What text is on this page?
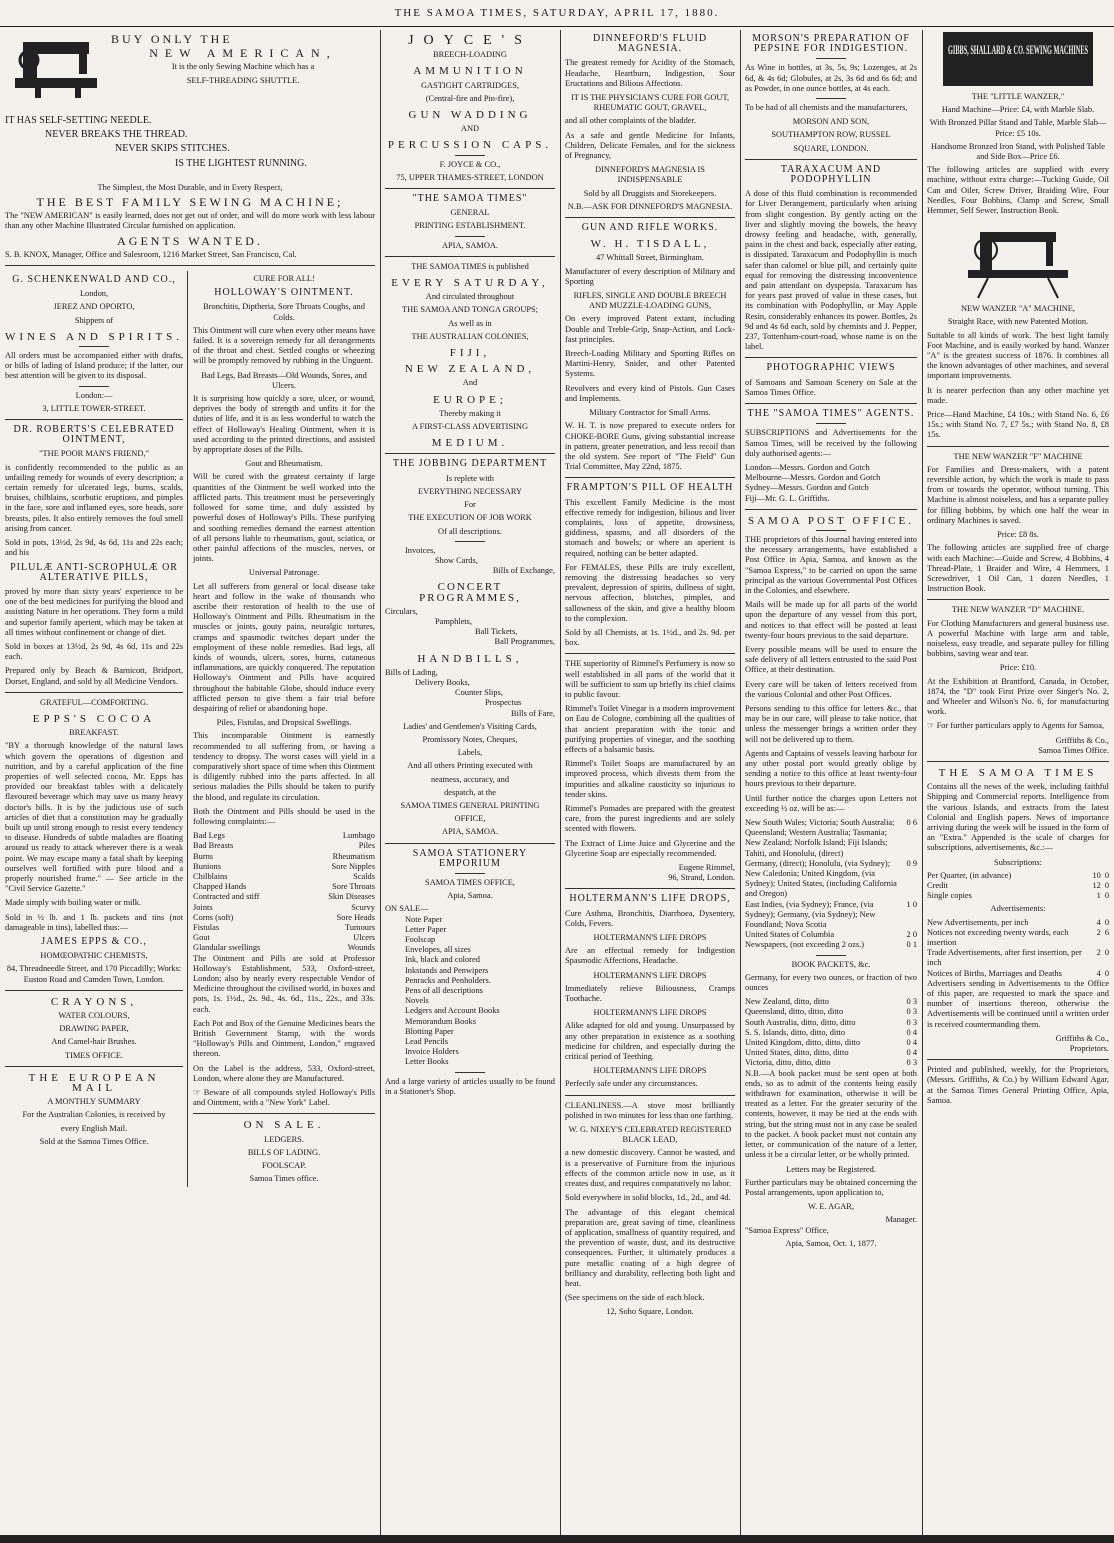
THE SAMOA TIMES, SATURDAY, APRIL 17, 1880.
BUY ONLY THE
NEW AMERICAN,
It is the only Sewing Machine which has a
SELF-THREADING SHUTTLE.
IT HAS SELF-SETTING NEEDLE.
NEVER BREAKS THE THREAD.
NEVER SKIPS STITCHES.
IS THE LIGHTEST RUNNING.
The Simplest, the Most Durable, and in Every Respect,
THE BEST FAMILY SEWING MACHINE;

The "NEW AMERICAN" is easily learned, does not get out of order, and will do more work with less labour than any other Machine Illustrated Circular furnished on application.

AGENTS WANTED.

S. B. KNOX, Manager, Office and Salesroom, 1216 Market Street, San Francisco, Cal.

G. SCHENKENWALD AND CO.,
London,
JEREZ AND OPORTO,
Shippers of
WINES AND SPIRITS.

All orders must be accompanied either with drafts, or bills of lading of Island produce; if the latter, our best attention will be given to its disposal.

London:—
3, LITTLE TOWER-STREET.
DR. ROBERTS'S CELEBRATED OINTMENT,
"THE POOR MAN'S FRIEND,"

is confidently recommended to the public as an unfailing remedy for wounds of every description; a certain remedy for ulcerated legs, burns, scalds, bruises, chilblains, scorbutic eruptions, and pimples in the face, sore and inflamed eyes, sore heads, sore breasts, piles. It also entirely removes the foul smell arising from cancer.

Sold in pots, 13½d, 2s 9d, 4s 6d, 11s and 22s each; and his

PILULÆ ANTI-SCROPHULÆ OR ALTERATIVE PILLS,

proved by more than sixty years' experience to be one of the best medicines for purifying the blood and assisting Nature in her operations. They form a mild and superior family aperient, which may be taken at all times without confinement or change of diet.

Sold in boxes at 13½d, 2s 9d, 4s 6d, 11s and 22s each.

Prepared only by Beach & Barnicott, Bridport, Dorset, England, and sold by all Medicine Vendors.

GRATEFUL—COMFORTING.
EPPS'S COCOA
BREAKFAST.

"BY a thorough knowledge of the natural laws which govern the operations of digestion and nutrition, and by a careful application of the fine properties of well selected cocoa, Mr. Epps has provided our breakfast tables with a delicately flavoured beverage which may save us many heavy doctor's bills. It is by the judicious use of such articles of diet that a constitution may be gradually built up until strong enough to resist every tendency to disease. Hundreds of subtle maladies are floating around us ready to attack wherever there is a weak point. We may escape many a fatal shaft by keeping ourselves well fortified with pure blood and a properly nourished frame." — See article in the "Civil Service Gazette."

Made simply with boiling water or milk.

Sold in ½ lb. and 1 lb. packets and tins (not damageable in tins), labelled thus:—

JAMES EPPS & CO.,
HOMŒOPATHIC CHEMISTS,
84, Threadneedle Street, and 170 Piccadilly; Works: Euston Road and Camden Town, London.
CRAYONS,
WATER COLOURS,
DRAWING PAPER,
And Camel-hair Brushes.
TIMES OFFICE.
THE EUROPEAN MAIL
A MONTHLY SUMMARY
For the Australian Colonies, is received by
every English Mail.
Sold at the Samoa Times Office.
CURE FOR ALL!
HOLLOWAY'S OINTMENT.
Bronchitis, Diptheria, Sore Throats Coughs, and Colds.

This Ointment will cure when every other means have failed. It is a sovereign remedy for all derangements of the throat and chest. Settled coughs or wheezing will be promptly removed by rubbing in the Unguent.

Bad Legs, Bad Breasts—Old Wounds, Sores, and Ulcers.

It is surprising how quickly a sore, ulcer, or wound, deprives the body of strength and unfits it for the duties of life, and it is as less wonderful to watch the effect of Holloway's Healing Ointment, when it is used according to the printed directions, and assisted by appropriate doses of the Pills.

Gout and Rheumatism.

Will be cured with the greatest certainty if large quantities of the Ointment be well worked into the afflicted parts. This treatment must be perseveringly followed for some time, and duly assisted by powerful doses of Holloway's Pills. These purifying and soothing remedies demand the earnest attention of all persons liable to rheumatism, gout, sciatica, or other painful affections of the muscles, nerves, or joints.

Universal Patronage.

Let all sufferers from general or local disease take heart and follow in the wake of thousands who ascribe their restoration of health to the use of Holloway's Ointment and Pills. Rheumatism in the muscles or joints, gouty pains, neuralgic tortures, cramps and spasmodic twitches depart under the employment of these noble remedies. Bad legs, all kinds of wounds, ulcers, sores, burns, cutaneous inflammations, are quickly conquered. The reputation Holloway's Ointment and Pills have acquired throughout the habitable Globe, should induce every afflicted person to give them a fair trial before despairing of relief or abandoning hope.

Piles, Fistulas, and Dropsical Swellings.

This incomparable Ointment is earnestly recommended to all suffering from, or having a tendency to dropsy. The worst cases will yield in a comparatively short space of time when this Ointment is diligently rubbed into the parts affected. In all serious maladies the Pills should be taken to purify the blood, and regulate its circulation.

Both the Ointment and Pills should be used in the following complaints:—

Bad Legs	Lumbago
Bad Breasts	Piles
Burns	Rheumatism
Bunions	Sore Nipples
Chilblains	Scalds
Chapped Hands	Sore Throats
Contracted and stiff	Skin Diseases
Joints	Scurvy
Corns (soft)	Sore Heads
Fistulas	Tumours
Gout	Ulcers
Glandular swellings	Wounds

The Ointment and Pills are sold at Professor Holloway's Establishment, 533, Oxford-street, London; also by nearly every respectable Vendor of Medicine throughout the civilised world, in boxes and pots, 1s. 1½d., 2s. 9d., 4s. 6d., 11s., 22s., and 33s. each.

Each Pot and Box of the Genuine Medicines bears the British Government Stamp, with the words "Holloway's Pills and Ointment, London," engraved thereon.

On the Label is the address, 533, Oxford-street, London, where alone they are Manufactured.

☞ Beware of all compounds styled Holloway's Pills and Ointment, with a "New York" Label.

ON SALE.
LEDGERS.
BILLS OF LADING.
FOOLSCAP.
Samoa Times office.
JOYCE'S
BREECH-LOADING
AMMUNITION
GASTIGHT CARTRIDGES,
(Central-fire and Pin-fire),
GUN WADDING
AND
PERCUSSION CAPS.
F. JOYCE & CO.,
75, UPPER THAMES-STREET, LONDON
"THE SAMOA TIMES"
GENERAL
PRINTING ESTABLISHMENT.
APIA, SAMOA.
THE SAMOA TIMES is published
EVERY SATURDAY,
And circulated throughout
THE SAMOA AND TONGA GROUPS;
As well as in
THE AUSTRALIAN COLONIES,
FIJI,
NEW ZEALAND,
And
EUROPE;
Thereby making it
A FIRST-CLASS ADVERTISING
MEDIUM.
THE JOBBING DEPARTMENT
Is replete with
EVERYTHING NECESSARY
For
THE EXECUTION OF JOB WORK
Of all descriptions.
Invoices,
Show Cards,
Bills of Exchange,
CONCERT PROGRAMMES,
Circulars,
Pamphlets,
Ball Tickets,
Ball Programmes,
HANDBILLS,
Bills of Lading,
Delivery Books,
Counter Slips,
Prospectus
Bills of Fare,
Ladies' and Gentlemen's Visiting Cards,
Promissory Notes, Cheques,
Labels,
And all others Printing executed with
neatness, accuracy, and
despatch, at the
SAMOA TIMES GENERAL PRINTING
OFFICE,
APIA, SAMOA.
SAMOA STATIONERY EMPORIUM
SAMOA TIMES OFFICE,
Apia, Samoa.
ON SALE—
Note Paper
Letter Paper
Foolscap
Envelopes, all sizes
Ink, black and colored
Inkstands and Penwipers
Penracks and Penholders.
Pens of all descriptions
Novels
Ledgers and Account Books
Memorandum Books
Blotting Paper
Lead Pencils
Invoice Holders
Letter Books

And a large variety of articles usually to be found in a Stationer's Shop.

DINNEFORD'S FLUID MAGNESIA.

The greatest remedy for Acidity of the Stomach, Headache, Heartburn, Indigestion, Sour Eructations and Bilious Affections.

IT IS THE PHYSICIAN'S CURE FOR GOUT, RHEUMATIC GOUT, GRAVEL,

and all other complaints of the bladder.

As a safe and gentle Medicine for Infants, Children, Delicate Females, and for the sickness of Pregnancy,

DINNEFORD'S MAGNESIA IS INDISPENSABLE
Sold by all Druggists and Storekeepers.
N.B.—ASK FOR DINNEFORD'S MAGNESIA.
GUN AND RIFLE WORKS.
W. H. TISDALL,
47 Whittall Street, Birmingham.

Manufacturer of every description of Military and Sporting

RIFLES, SINGLE AND DOUBLE BREECH AND MUZZLE-LOADING GUNS,

On every improved Patent extant, including Double and Treble-Grip, Snap-Action, and Lock-fast principles.

Breech-Loading Military and Sporting Rifles on Martini-Henry, Snider, and other Patented Systems.

Revolvers and every kind of Pistols. Gun Cases and Implements.

Military Contractor for Small Arms.

W. H. T. is now prepared to execute orders for CHOKE-BORE Guns, giving substantial increase in pattern, greater penetration, and less recoil than the old system. See report of "The Field" Gun Trial Committee, May 22nd, 1875.

FRAMPTON'S PILL OF HEALTH

This excellent Family Medicine is the most effective remedy for indigestion, bilious and liver complaints, loss of appetite, drowsiness, giddiness, spasms, and all disorders of the stomach and bowels; or where an aperient is required, nothing can be better adapted.

For FEMALES, these Pills are truly excellent, removing the distressing headaches so very prevalent, depression of spirits, dullness of sight, nervous affection, blotches, pimples, and sallowness of the skin, and give a healthy bloom to the complexion.

Sold by all Chemists, at 1s. 1½d., and 2s. 9d. per box.

THE superiority of Rimmel's Perfumery is now so well established in all parts of the world that it will be sufficient to sum up briefly its chief claims to public favour.

Rimmel's Toilet Vinegar is a modern improvement on Eau de Cologne, combining all the qualities of that ancient preparation with the tonic and purifying properties of vinegar, and the soothing effects of a balsamic basis.

Rimmel's Toilet Soaps are manufactured by an improved process, which divests them from the impurities and alkaline causticity so injurious to tender skins.

Rimmel's Pomades are prepared with the greatest care, from the purest ingredients and are solely scented with flowers.

The Extract of Lime Juice and Glycerine and the Glycerine Soap are especially recommended.

Eugene Rimmel,
96, Strand, London.
HOLTERMANN'S LIFE DROPS,

Cure Asthma, Bronchitis, Diarrhoea, Dysentery, Colds, Fevers.

HOLTERMANN'S LIFE DROPS

Are an effectual remedy for Indigestion Spasmodic Affections, Headache.

HOLTERMANN'S LIFE DROPS

Immediately relieve Biliousness, Cramps Toothache.

HOLTERMANN'S LIFE DROPS

Alike adapted for old and young. Unsurpassed by any other preparation in existence as a soothing medicine for children, and especially during the critical period of Teething.

HOLTERMANN'S LIFE DROPS

Perfectly safe under any circumstances.

CLEANLINESS.—A stove most brilliantly polished in two minutes for less than one farthing.

W. G. NIXEY'S CELEBRATED REGISTERED BLACK LEAD,

a new domestic discovery. Cannot be wasted, and is a preservative of Furniture from the injurious effects of the common article now in use, as it creates dust, and requires comparatively no labor.

Sold everywhere in solid blocks, 1d., 2d., and 4d.

The advantage of this elegant chemical preparation are, great saving of time, cleanliness of application, smallness of quantity required, and the prevention of waste, dust, and its destructive consequences. Further, it ultimately produces a pure metallic coating of a high degree of brilliancy and durability, reflecting both light and heat.

(See specimens on the side of each block.

12, Soho Square, London.
MORSON'S PREPARATION OF PEPSINE FOR INDIGESTION.

As Wine in bottles, at 3s, 5s, 9s; Lozenges, at 2s 6d, & 4s 6d; Globules, at 2s, 3s 6d and 6s 6d; and as Powder, in one ounce bottles, at 4s each.

To be had of all chemists and the manufacturers,

MORSON AND SON,
SOUTHAMPTON ROW, RUSSEL
SQUARE, LONDON.
TARAXACUM AND PODOPHYLLIN

A dose of this fluid combination is recommended for Liver Derangement, particularly when arising from slight congestion. By gently acting on the liver and slightly moving the bowels, the heavy drowsy feeling and headache, with, generally, pains in the chest and back, especially after eating, is dissipated. Taraxacum and Podophyllin is much safer than calomel or blue pill, and certainly quite equal for removing the distressing inconvenience and pain attendant on dyspepsia. Taraxacum has for years past proved of value in these cases, but its combination with Podophyllin, or May Apple Resin, considerably enhances its power. Bottles, 2s 9d and 4s 6d each, sold by chemists and J. Pepper, 237, Tottenham-court-road, whose name is on the label.

PHOTOGRAPHIC VIEWS

of Samoans and Samoan Scenery on Sale at the Samoa Times Office.

THE "SAMOA TIMES" AGENTS.

SUBSCRIPTIONS and Advertisements for the Samoa Times, will be received by the following duly authorised agents:—

London—Messrs. Gordon and Gotch
Melbourne—Messrs. Gordon and Gotch
Sydney—Messrs. Gordon and Gotch
Fiji—Mr. G. L. Griffiths.
SAMOA POST OFFICE.

THE proprietors of this Journal having entered into the necessary arrangements, have established a Post Office in Apia, Samoa, and known as the "Samoa Express," to be carried on upon the same principal as the various Governmental Post Offices in the Colonies, and elsewhere.

Mails will be made up for all parts of the world upon the departure of any vessel from this port, and notices to that effect will be posted at least twenty-four hours previous to the said departure.

Every possible means will be used to ensure the safe delivery of all letters entrusted to the said Post Office, at their destination.

Every care will be taken of letters received from the various Colonial and other Post Offices.

Persons sending to this office for letters &c., that may be in our care, will please to take notice, that unless the messenger brings a written order they will not be delivered up to them.

Agents and Captains of vessels leaving harbour for any other postal port would greatly oblige by sending a notice to this office at least twenty-four hours previous to their departure.

Until further notice the charges upon Letters not exceeding ½ oz. will be as:—

New South Wales; Victoria; South Australia; Queensland; Western Australia; Tasmania; New Zealand; Norfolk Island; Fiji Islands; Tahiti, and Honolulu, (direct)
0 6
Germany, (direct); Honolulu, (via Sydney); New Caledonia; United Kingdom, (via Sydney); United States, (including California and Oregon)
0 9
East Indies, (via Sydney); France, (via Sydney); Germany, (via Sydney); New Foundland; Nova Scotia
1 0
United States of Columbia	2 0
Newspapers, (not exceeding 2 ozs.)	0 1
BOOK PACKETS, &c.

Germany, for every two ounces, or fraction of two ounces

New Zealand, ditto, ditto	0 3
Queensland, ditto, ditto, ditto	0 3
South Australia, ditto, ditto, ditto	0 3
S. S. Islands, ditto, ditto, ditto	0 4
United Kingdom, ditto, ditto, ditto	0 4
United States, ditto, ditto, ditto	0 4
Victoria, ditto, ditto, ditto	0 3

N.B.—A book packet must be sent open at both ends, so as to admit of the contents being easily withdrawn for examination, otherwise it will be treated as a letter. For the greater security of the contents, however, it may be tied at the ends with string, but the string must not in any case be sealed to the packet. A book packet must not contain any letter, or communication of the nature of a letter, unless it be a circular letter, or be wholly printed.

Letters may be Registered.

Further particulars may be obtained concerning the Postal arrangements, upon application to,

W. E. AGAR,
Manager.
"Samoa Express" Office,
Apia, Samoa, Oct. 1, 1877.
GIBBS, SHALLARD & CO. SEWING MACHINES
THE "LITTLE WANZER,"
Hand Machine—Price: £4, with Marble Slab.
With Bronzed Pillar Stand and Table, Marble Slab—Price: £5 10s.
Handsome Bronzed Iron Stand, with Polished Table and Side Box—Price £6.

The following articles are supplied with every machine, without extra charge:—Tucking Guide, Oil Can and Oiler, Screw Driver, Braiding Wire, Four Needles, Four Bobbins, Clamp and Screw, Small Hemmer, Self Sewer, Instruction Book.

NEW WANZER "A" MACHINE,
Straight Race, with new Patented Motion.

Suitable to all kinds of work. The best light family Foot Machine, and is easily worked by hand. Wanzer "A" is the greatest success of 1876. It combines all the known advantages of other machines, and several important improvements.

It is nearer perfection than any other machine yet made.

Price—Hand Machine, £4 10s.; with Stand No. 6, £6 15s.; with Stand No. 7, £7 5s.; with Stand No. 8, £8 15s.

THE NEW WANZER "F" MACHINE

For Families and Dress-makers, with a patent reversible action, by which the work is made to pass from or towards the operator, without turning. This Machine is almost noiseless, and has a separate pulley for filling bobbins, by which one half the wear in ordinary Machines is saved.

Price: £8 8s.

The following articles are supplied free of charge with each Machine:—Guide and Screw, 4 Bobbins, 4 Thread-Plate, 1 Braider and Wire, 4 Hemmers, 1 Screwdriver, 1 Oil Can, 1 dozen Needles, 1 Instruction Book.

THE NEW WANZER "D" MACHINE.

For Clothing Manufacturers and general business use. A powerful Machine with large arm and table, noiseless, easy treadle, and separate pulley for filling bobbins, saving wear and tear.

Price: £10.

At the Exhibition at Brantford, Canada, in October, 1874, the "D" took First Prize over Singer's No. 2, and Wheeler and Wilson's No. 6, for manufacturing work.

☞ For further particulars apply to Agents for Samoa,

Griffiths & Co.,
Samoa Times Office.
THE SAMOA TIMES

Contains all the news of the week, including faithful Shipping and Commercial reports. Intelligence from the various Islands, and extracts from the latest Colonial and English papers. News of importance arriving during the week will be issued in the form of an "Extra." Appended is the scale of charges for subscriptions, advertisements, &c.:—

Subscriptions:
Per Quarter, (in advance)	10 0
Credit	12 0
Single copies	1 0
Advertisements:
New Advertisements, per inch	4 0
Notices not exceeding twenty words, each insertion
2 6
Trade Advertisements, after first insertion, per inch
2 0
Notices of Births, Marriages and Deaths	4 0

Advertisers sending in Advertisements to the Office of this paper, are requested to mark the space and number of insertions thereon, otherwise the Advertisements will be continued until a written order is received countermanding them.

Griffiths & Co.,
Proprietors.

Printed and published, weekly, for the Proprietors, (Messrs. Griffiths, & Co.) by William Edward Agar, at the Samoa Times General Printing Office, Apia, Samoa.
